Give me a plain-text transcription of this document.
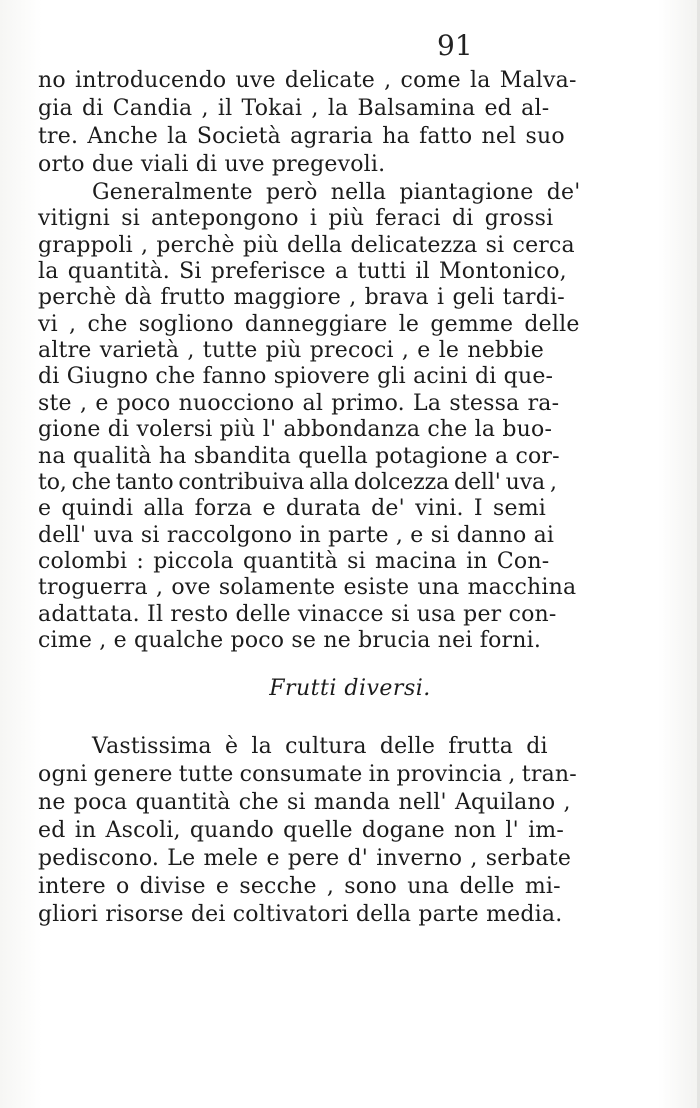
91
no introducendo uve delicate , come la Malva-
gia di Candia , il Tokai , la Balsamina ed al-
tre. Anche la Società agraria ha fatto nel suo
orto due viali di uve pregevoli.
Generalmente però nella piantagione de'
vitigni si antepongono i più feraci di grossi
grappoli , perchè più della delicatezza si cerca
la quantità. Si preferisce a tutti il Montonico,
perchè dà frutto maggiore , brava i geli tardi-
vi , che sogliono danneggiare le gemme delle
altre varietà , tutte più precoci , e le nebbie
di Giugno che fanno spiovere gli acini di que-
ste , e poco nuocciono al primo. La stessa ra-
gione di volersi più l' abbondanza che la buo-
na qualità ha sbandita quella potagione a cor-
to, che tanto contribuiva alla dolcezza dell' uva ,
e quindi alla forza e durata de' vini. I semi
dell' uva si raccolgono in parte , e si danno ai
colombi : piccola quantità si macina in Con-
troguerra , ove solamente esiste una macchina
adattata. Il resto delle vinacce si usa per con-
cime , e qualche poco se ne brucia nei forni.
Frutti diversi.
Vastissima è la cultura delle frutta di
ogni genere tutte consumate in provincia , tran-
ne poca quantità che si manda nell' Aquilano ,
ed in Ascoli, quando quelle dogane non l' im-
pediscono. Le mele e pere d' inverno , serbate
intere o divise e secche , sono una delle mi-
gliori risorse dei coltivatori della parte media.
